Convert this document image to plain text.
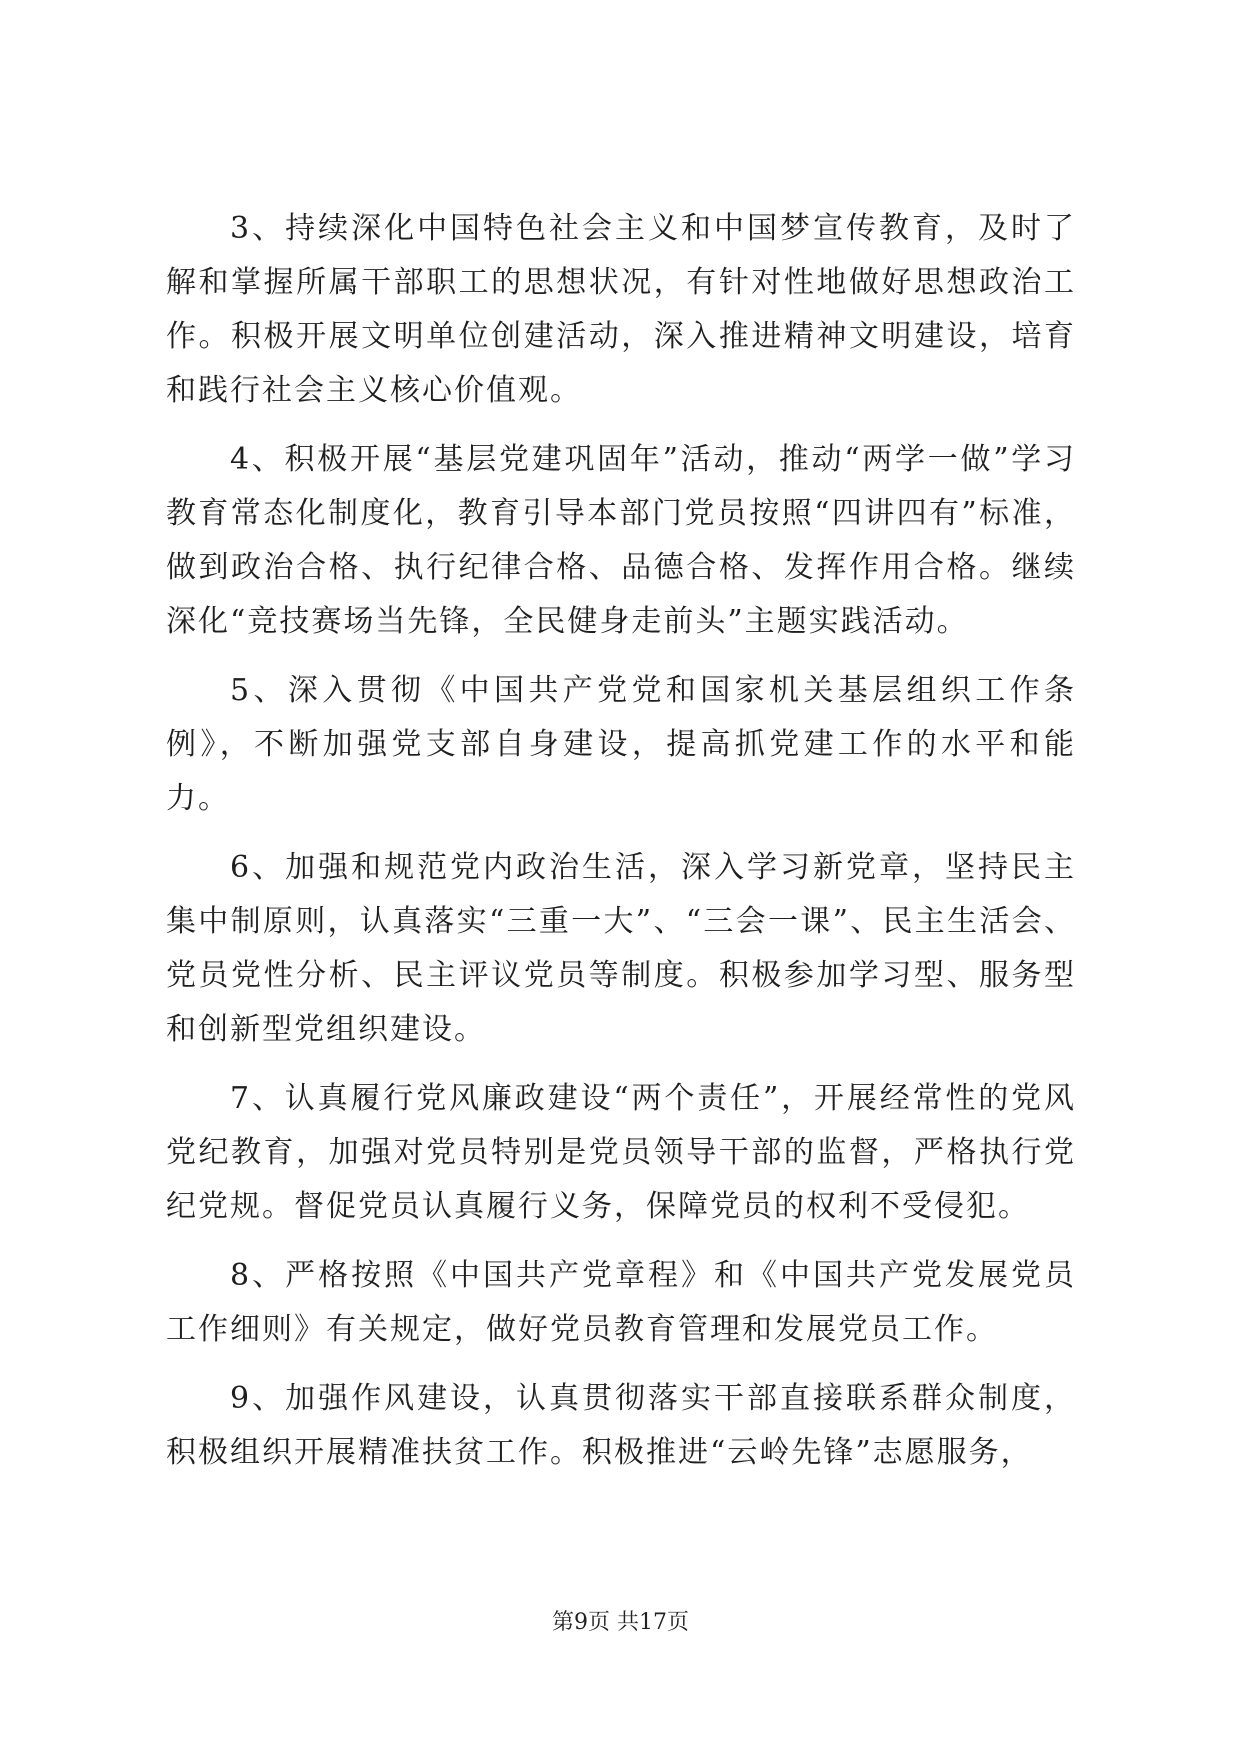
3、持续深化中国特色社会主义和中国梦宣传教育，及时了解和掌握所属干部职工的思想状况，有针对性地做好思想政治工作。积极开展文明单位创建活动，深入推进精神文明建设，培育和践行社会主义核心价值观。

4、积极开展“基层党建巩固年”活动，推动“两学一做”学习教育常态化制度化，教育引导本部门党员按照“四讲四有”标准，做到政治合格、执行纪律合格、品德合格、发挥作用合格。继续深化“竞技赛场当先锋，全民健身走前头”主题实践活动。

5、深入贯彻《中国共产党党和国家机关基层组织工作条例》，不断加强党支部自身建设，提高抓党建工作的水平和能力。

6、加强和规范党内政治生活，深入学习新党章，坚持民主集中制原则，认真落实“三重一大”、“三会一课”、民主生活会、党员党性分析、民主评议党员等制度。积极参加学习型、服务型和创新型党组织建设。

7、认真履行党风廉政建设“两个责任”，开展经常性的党风党纪教育，加强对党员特别是党员领导干部的监督，严格执行党纪党规。督促党员认真履行义务，保障党员的权利不受侵犯。

8、严格按照《中国共产党章程》和《中国共产党发展党员工作细则》有关规定，做好党员教育管理和发展党员工作。

9、加强作风建设，认真贯彻落实干部直接联系群众制度，积极组织开展精准扶贫工作。积极推进“云岭先锋”志愿服务，

第9页 共17页
